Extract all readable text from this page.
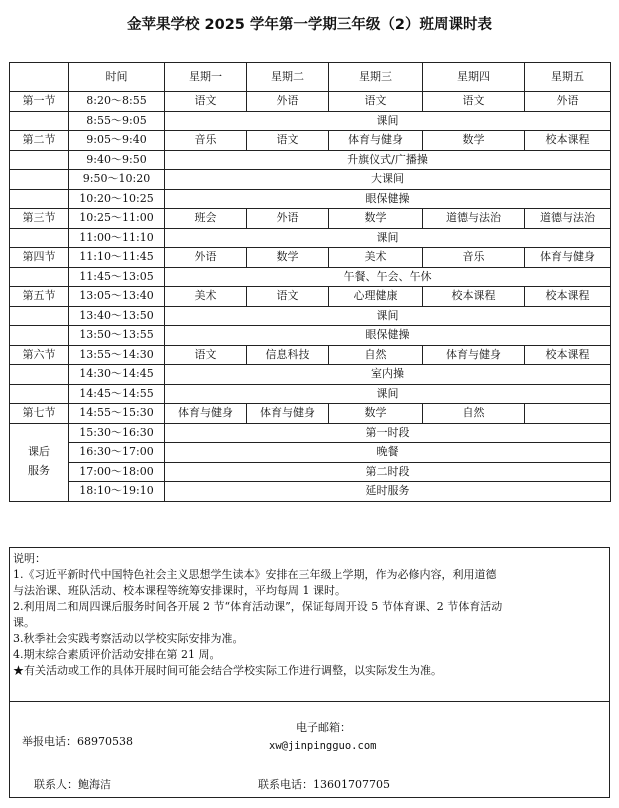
金苹果学校 2025 学年第一学期三年级（2）班周课时表
	时间	星期一	星期二	星期三	星期四	星期五
第一节	8:20～8:55	语文	外语	语文	语文	外语
	8:55～9:05	课间				
第二节	9:05～9:40	音乐	语文	体育与健身	数学	校本课程
	9:40～9:50	升旗仪式/广播操				
	9:50～10:20	大课间				
	10:20～10:25	眼保健操				
第三节	10:25～11:00	班会	外语	数学	道德与法治	道德与法治
	11:00～11:10	课间				
第四节	11:10～11:45	外语	数学	美术	音乐	体育与健身
	11:45～13:05	午餐、午会、午休				
第五节	13:05～13:40	美术	语文	心理健康	校本课程	校本课程
	13:40～13:50	课间				
	13:50～13:55	眼保健操				
第六节	13:55～14:30	语文	信息科技	自然	体育与健身	校本课程
	14:30～14:45	室内操				
	14:45～14:55	课间				
第七节	14:55～15:30	体育与健身	体育与健身	数学	自然	
课后
服务	15:30～16:30	第一时段				
	16:30～17:00	晚餐				
	17:00～18:00	第二时段				
	18:10～19:10	延时服务				
说明：
1.《习近平新时代中国特色社会主义思想学生读本》安排在三年级上学期，作为必修内容，利用道德
与法治课、班队活动、校本课程等统筹安排课时，平均每周 1 课时。
2.利用周二和周四课后服务时间各开展 2 节“体育活动课”，保证每周开设 5 节体育课、2 节体育活动
课。
3.秋季社会实践考察活动以学校实际安排为准。
4.期末综合素质评价活动安排在第 21 周。
★有关活动或工作的具体开展时间可能会结合学校实际工作进行调整，以实际发生为准。
举报电话：68970538
电子邮箱：
xw@jinpingguo.com
联系人：鲍海洁	联系电话：13601707705
